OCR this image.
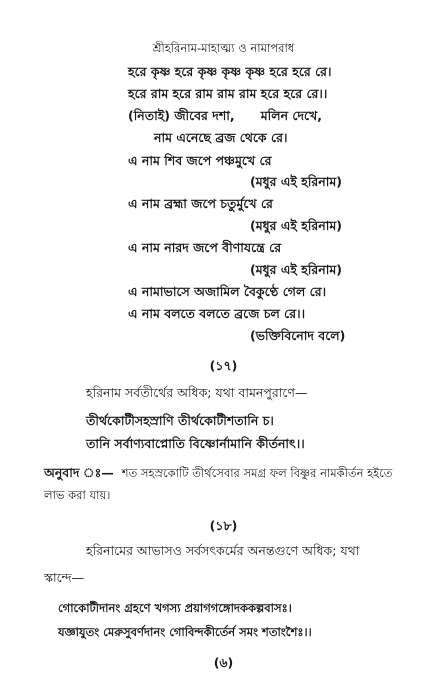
শ্রীহরিনাম-মাহাত্ম্য ও নামাপরাধ
হরে কৃষ্ণ হরে কৃষ্ণ কৃষ্ণ কৃষ্ণ হরে হরে রে।
হরে রাম হরে রাম রাম রাম হরে হরে রে।।
(নিতাই) জীবের দশা,      মলিন দেখে,
নাম এনেছে ব্রজ থেকে রে।
এ নাম শিব জপে পঞ্চমুখে রে
(মধুর এই হরিনাম)
এ নাম ব্রহ্মা জপে চতুর্মুখে রে
(মধুর এই হরিনাম)
এ নাম নারদ জপে বীণাযন্ত্রে রে
(মধুর এই হরিনাম)
এ নামাভাসে অজামিল বৈকুণ্ঠে গেল রে।
এ নাম বলতে বলতে ব্রজে চল রে।।
(ভক্তিবিনোদ বলে)
(১৭)
হরিনাম সর্বতীর্থের অধিক; যথা বামনপুরাণে—
তীর্থকোটীসহস্রাণি তীর্থকোটীশতানি চ।
তানি সর্বাণ্যবাপ্নোতি বিষ্ণোর্নামানি কীর্তনাৎ।।
অনুবাদ ঃ— শত সহস্রকোটি তীর্থসেবার সমগ্র ফল বিষ্ণুর নামকীর্তন হইতে
লাভ করা যায়।
(১৮)
হরিনামের আভাসও সর্বসৎকর্মের অনন্তগুণে অধিক; যথা
স্কান্দে—
গোকোটীদানং গ্রহণে খগস্য প্রয়াগগঙ্গোদককল্পবাসঃ।
যজ্ঞাযুতং মেরুসুবর্ণদানং গোবিন্দকীর্তের্ন সমং শতাংশৈঃ।।
(৬)
